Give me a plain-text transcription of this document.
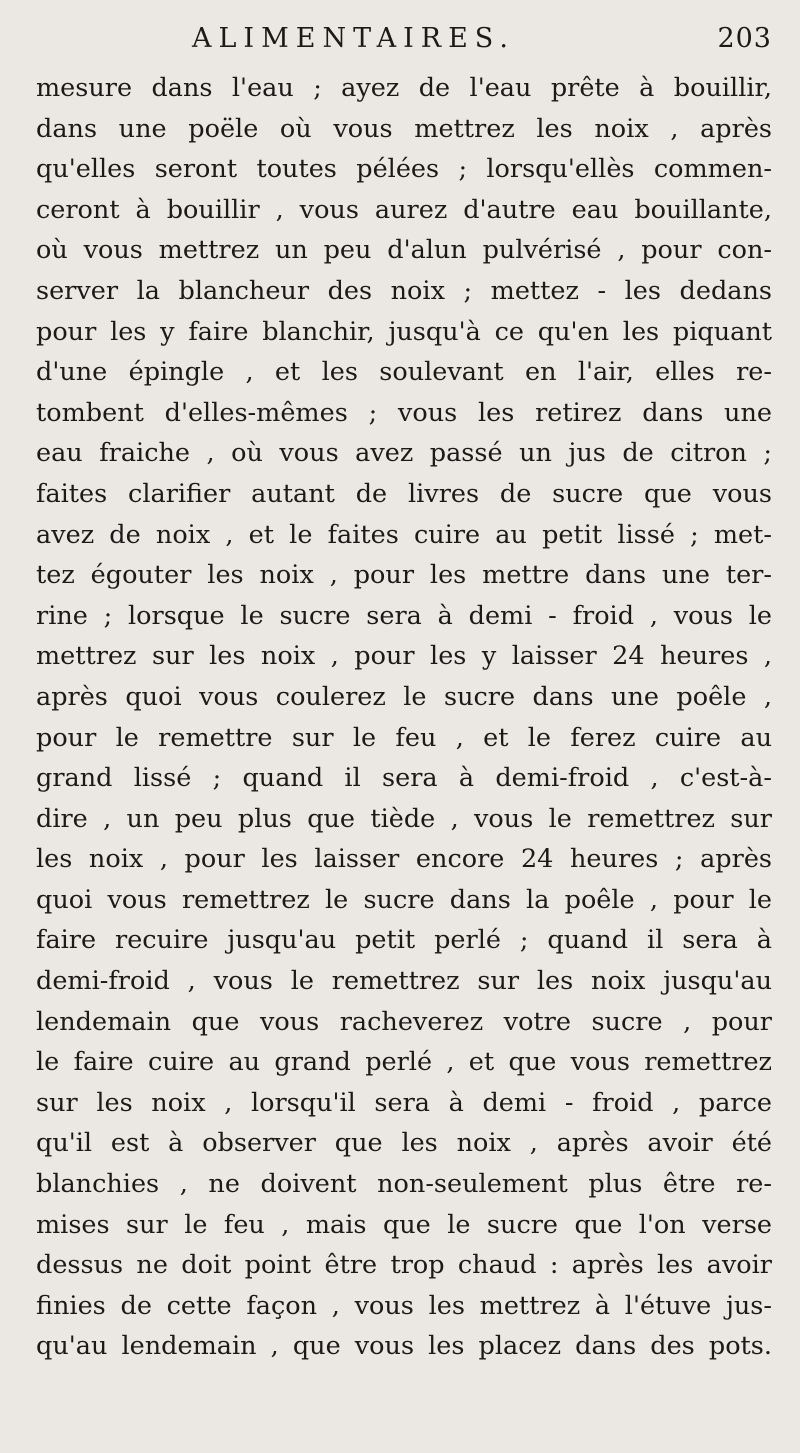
ALIMENTAIRES.	203
mesure dans l'eau ; ayez de l'eau prête à bouillir,
dans une poële où vous mettrez les noix , après
qu'elles seront toutes pélées ; lorsqu'ellès commen-
ceront à bouillir , vous aurez d'autre eau bouillante,
où vous mettrez un peu d'alun pulvérisé , pour con-
server la blancheur des noix ; mettez - les dedans
pour les y faire blanchir, jusqu'à ce qu'en les piquant
d'une épingle , et les soulevant en l'air, elles re-
tombent d'elles-mêmes ; vous les retirez dans une
eau fraiche , où vous avez passé un jus de citron ;
faites clarifier autant de livres de sucre que vous
avez de noix , et le faites cuire au petit lissé ; met-
tez égouter les noix , pour les mettre dans une ter-
rine ; lorsque le sucre sera à demi - froid , vous le
mettrez sur les noix , pour les y laisser 24 heures ,
après quoi vous coulerez le sucre dans une poêle ,
pour le remettre sur le feu , et le ferez cuire au
grand lissé ; quand il sera à demi-froid , c'est-à-
dire , un peu plus que tiède , vous le remettrez sur
les noix , pour les laisser encore 24 heures ; après
quoi vous remettrez le sucre dans la poêle , pour le
faire recuire jusqu'au petit perlé ; quand il sera à
demi-froid , vous le remettrez sur les noix jusqu'au
lendemain que vous racheverez votre sucre , pour
le faire cuire au grand perlé , et que vous remettrez
sur les noix , lorsqu'il sera à demi - froid , parce
qu'il est à observer que les noix , après avoir été
blanchies , ne doivent non-seulement plus être re-
mises sur le feu , mais que le sucre que l'on verse
dessus ne doit point être trop chaud : après les avoir
finies de cette façon , vous les mettrez à l'étuve jus-
qu'au lendemain , que vous les placez dans des pots.
